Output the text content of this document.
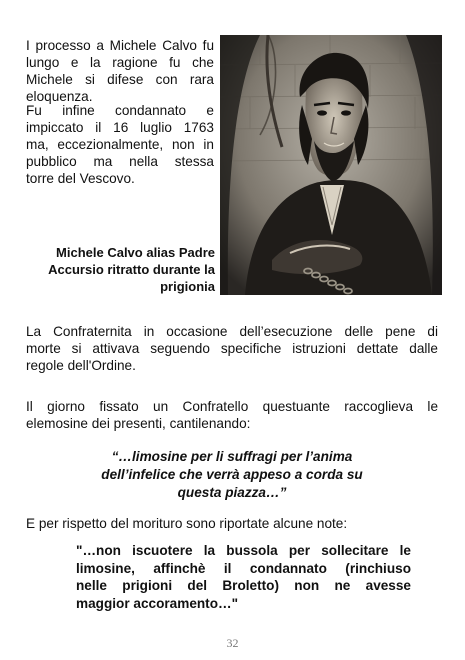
I processo a Michele Calvo fu
lungo e la ragione fu che
Michele si difese con rara
eloquenza.
Fu infine condannato e
impiccato il 16 luglio 1763
ma, eccezionalmente, non in
pubblico ma nella stessa
torre del Vescovo.
Michele Calvo alias Padre
Accursio ritratto durante la
prigionia
La Confraternita in occasione dell’esecuzione delle pene di
morte si attivava seguendo specifiche istruzioni dettate dalle
regole dell'Ordine.
Il giorno fissato un Confratello questuante raccoglieva le
elemosine dei presenti, cantilenando:
“…limosine per li suffragi per l’anima
dell’infelice che verrà appeso a corda su
questa piazza…”
E per rispetto del morituro sono riportate alcune note:
"…non iscuotere la bussola per sollecitare le
limosine, affinchè il condannato (rinchiuso
nelle prigioni del Broletto) non ne avesse
maggior accoramento…"
32
